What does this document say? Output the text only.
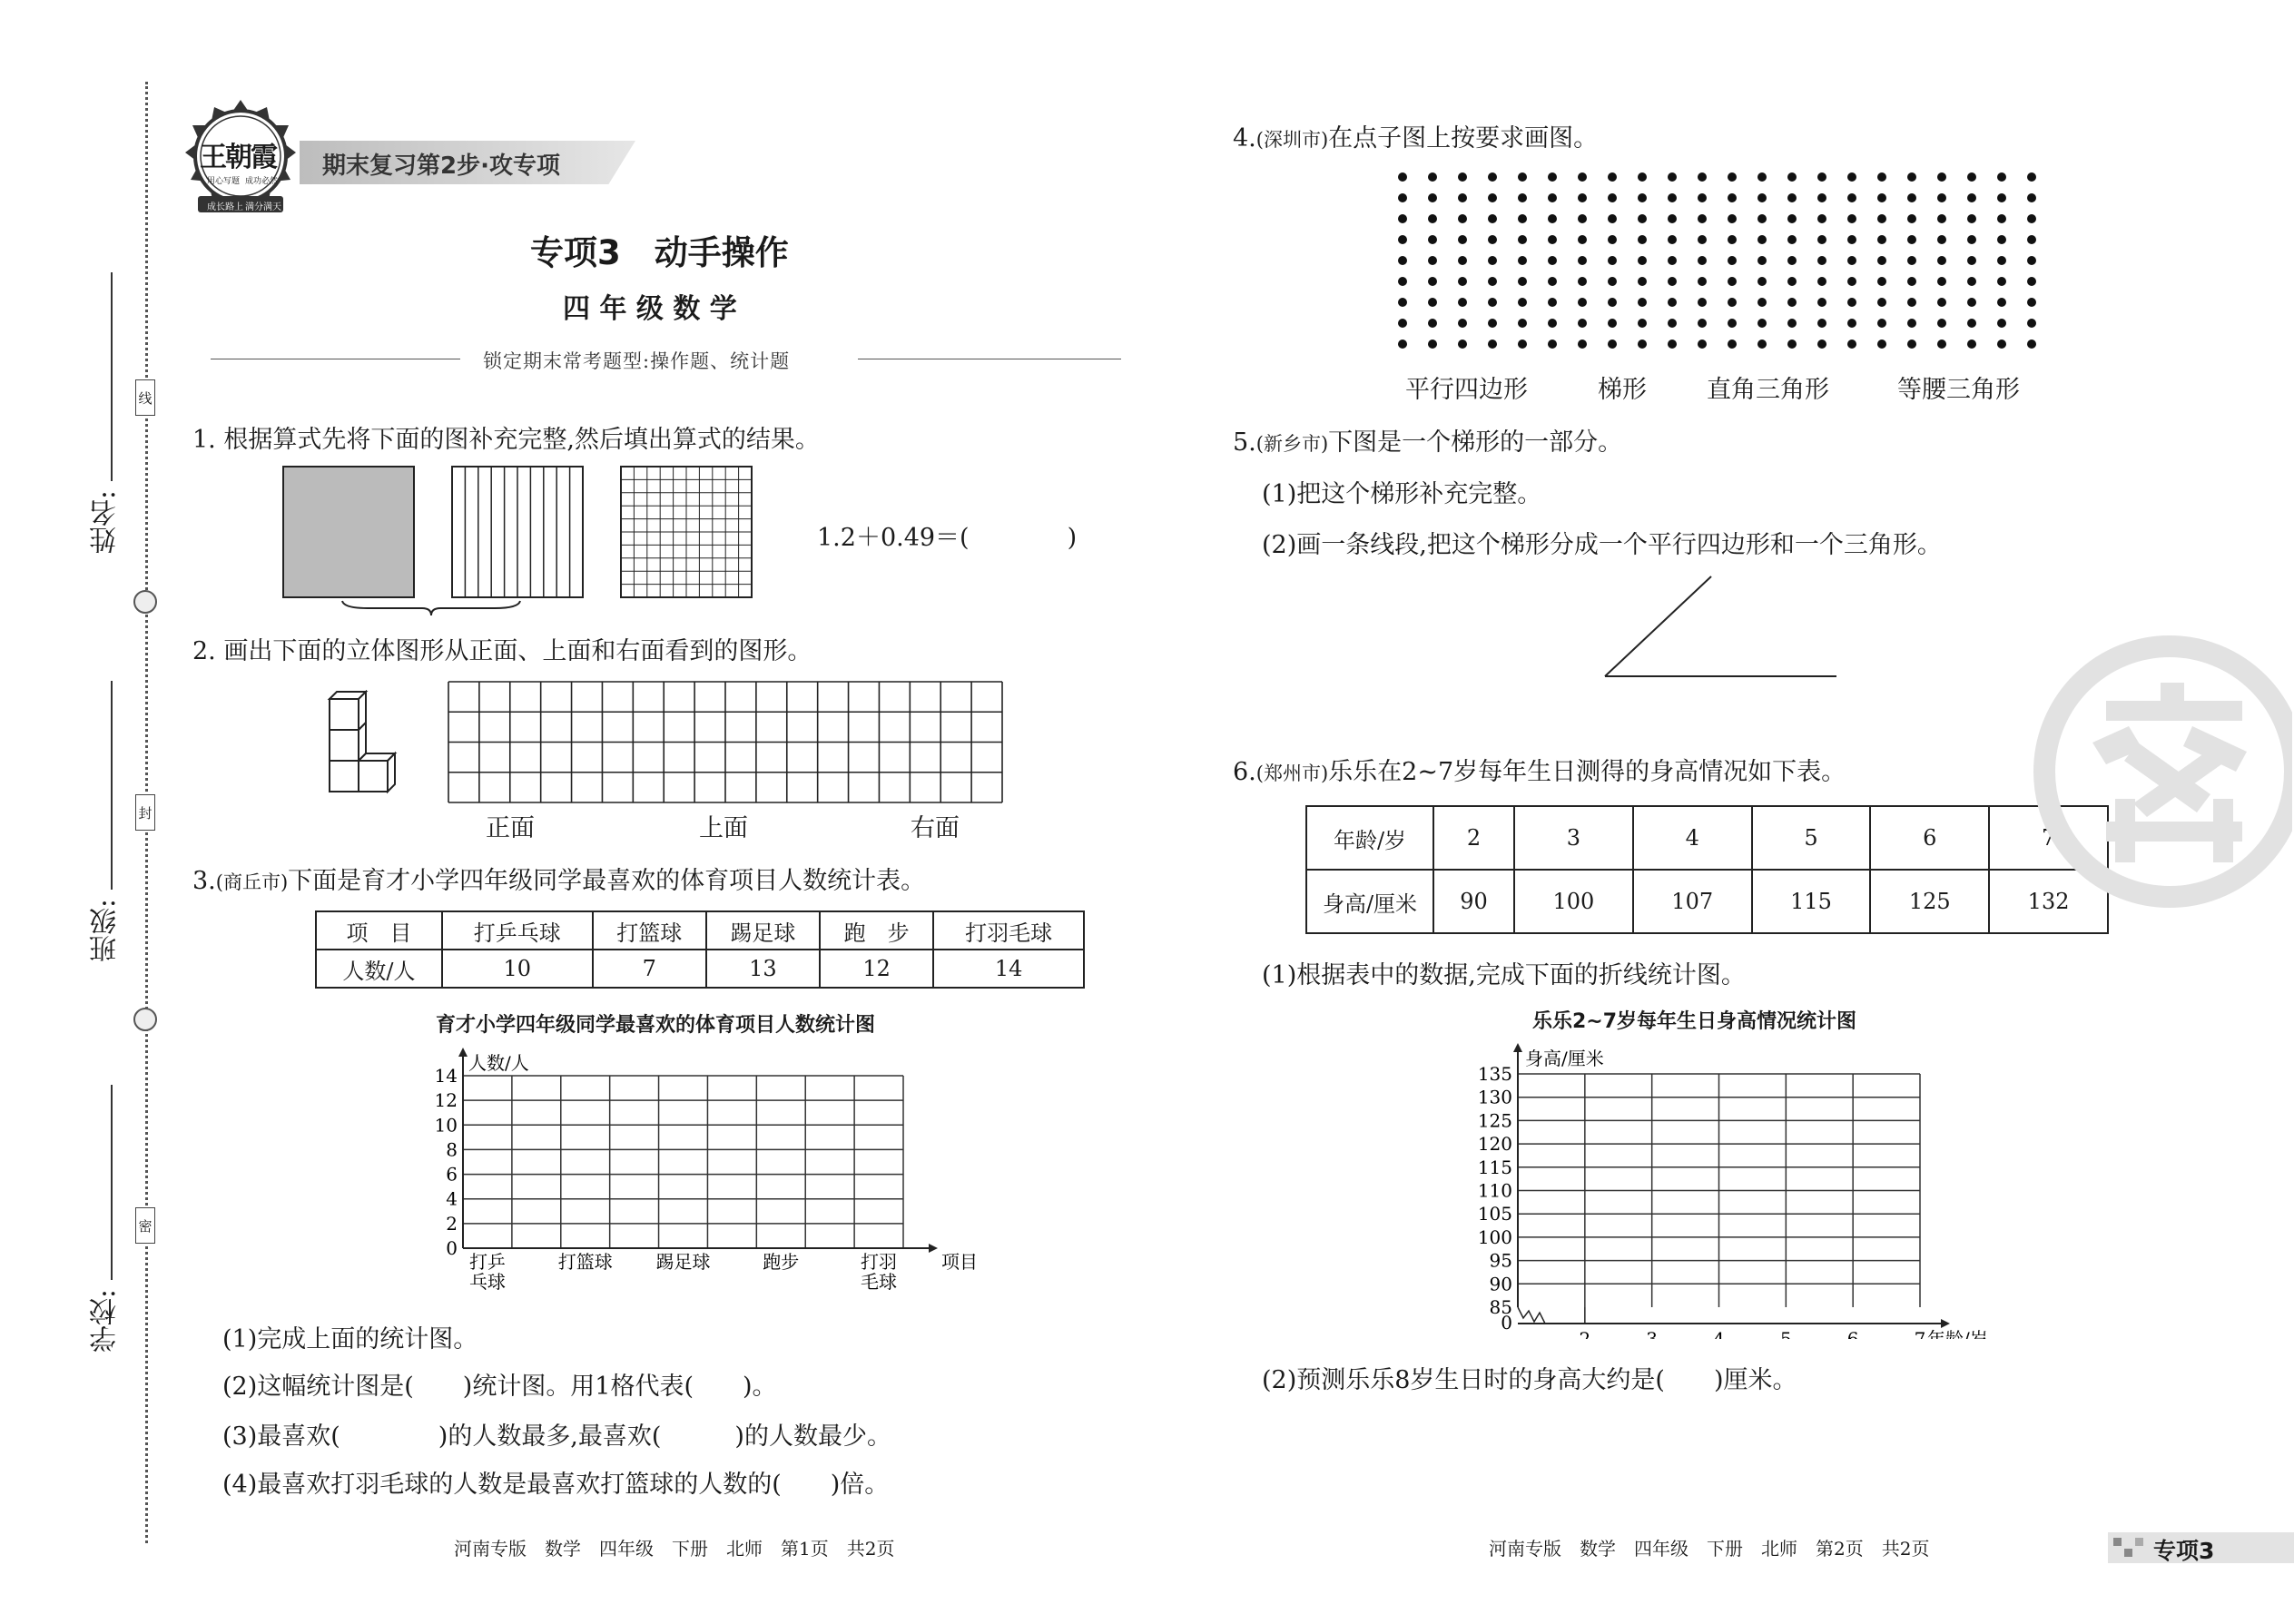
线
封
密
姓名:
班级:
学校:
王朝霞
用心写题 成功必然
成长路上 满分满天
期末复习第2步·攻专项
专项3　动手操作
四 年 级 数 学
锁定期末常考题型:操作题、统计题
1. 根据算式先将下面的图补充完整,然后填出算式的结果。
1.2＋0.49＝(　　　　)
2. 画出下面的立体图形从正面、上面和右面看到的图形。
正面	上面	右面
3.(商丘市)下面是育才小学四年级同学最喜欢的体育项目人数统计表。
项　目	打乒乓球	打篮球	踢足球	跑　步	打羽毛球
人数/人	10	7	13	12	14
育才小学四年级同学最喜欢的体育项目人数统计图
人数/人
14
12
10
8
6
4
2
0
打乒
乓球
打篮球 踢足球	跑步	打羽
毛球
项目
(1)完成上面的统计图。
(2)这幅统计图是(　　)统计图。用1格代表(　　)。
(3)最喜欢(　　　　)的人数最多,最喜欢(　　　)的人数最少。
(4)最喜欢打羽毛球的人数是最喜欢打篮球的人数的(　　)倍。
河南专版　数学　四年级　下册　北师　第1页　共2页
4.(深圳市)在点子图上按要求画图。
平行四边形	梯形 直角三角形	等腰三角形
5.(新乡市)下图是一个梯形的一部分。
(1)把这个梯形补充完整。
(2)画一条线段,把这个梯形分成一个平行四边形和一个三角形。
6.(郑州市)乐乐在2~7岁每年生日测得的身高情况如下表。
年龄/岁	2	3	4	5	6	7
身高/厘米	90	100	107	115	125	132
(1)根据表中的数据,完成下面的折线统计图。
乐乐2~7岁每年生日身高情况统计图
身高/厘米
135
130
125
120
115
110
105
100
95
90
85
0
2	3	4	5	6	7 年龄/岁
(2)预测乐乐8岁生日时的身高大约是(　　)厘米。
河南专版　数学　四年级　下册　北师　第2页　共2页	专项3
